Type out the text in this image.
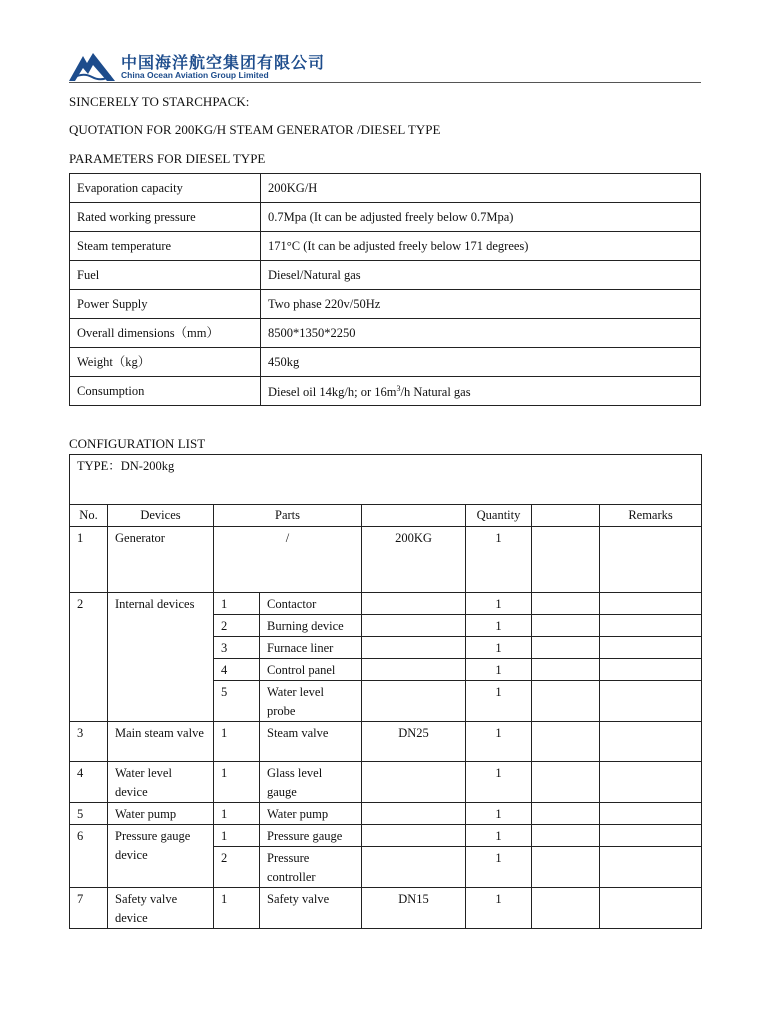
中国海洋航空集团有限公司
China Ocean Aviation Group Limited
SINCERELY TO STARCHPACK:
QUOTATION FOR 200KG/H STEAM GENERATOR /DIESEL TYPE
PARAMETERS FOR DIESEL TYPE
Evaporation capacity	200KG/H
Rated working pressure	0.7Mpa (It can be adjusted freely below 0.7Mpa)
Steam temperature	171°C (It can be adjusted freely below 171 degrees)
Fuel	Diesel/Natural gas
Power Supply	Two phase 220v/50Hz
Overall dimensions（mm）	8500*1350*2250
Weight（kg）	450kg
Consumption	Diesel oil 14kg/h; or $16m^3/h$ Natural gas
CONFIGURATION LIST
TYPE：DN-200kg							
No.	Devices	Parts			Quantity		Remarks
1	Generator	/		200KG	1		
2	Internal devices	1	Contactor		1		
		2	Burning device		1		
		3	Furnace liner		1		
		4	Control panel		1		
		5	Water level probe		1		
3	Main steam valve	1	Steam valve	DN25	1		
4	Water level device	1	Glass level gauge		1		
5	Water pump	1	Water pump		1		
6	Pressure gauge device	1	Pressure gauge		1		
		2	Pressure controller		1		
7	Safety valve device	1	Safety valve	DN15	1		
